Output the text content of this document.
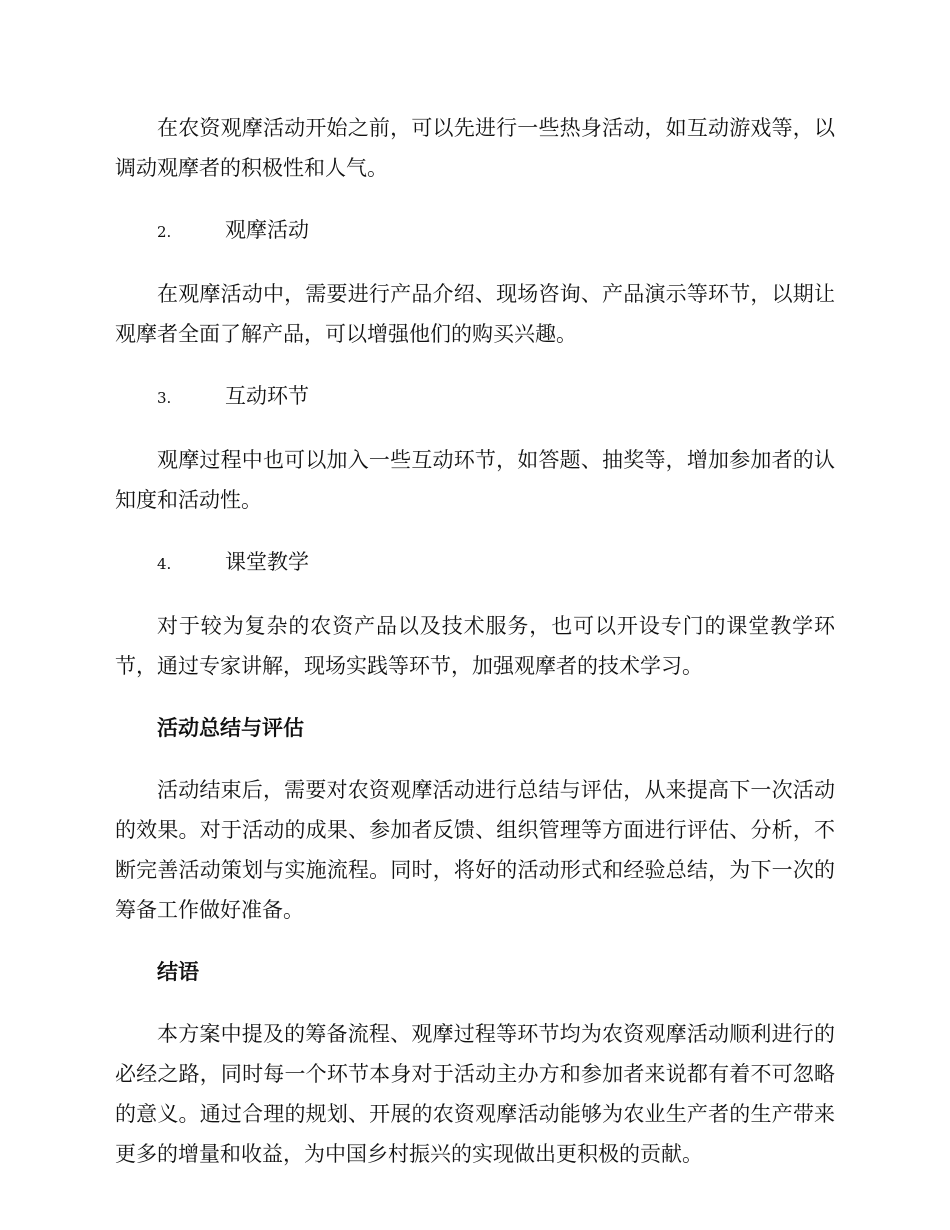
在农资观摩活动开始之前，可以先进行一些热身活动，如互动游戏等，以调动观摩者的积极性和人气。

2.	观摩活动

在观摩活动中，需要进行产品介绍、现场咨询、产品演示等环节，以期让观摩者全面了解产品，可以增强他们的购买兴趣。

3.	互动环节

观摩过程中也可以加入一些互动环节，如答题、抽奖等，增加参加者的认知度和活动性。

4.	课堂教学

对于较为复杂的农资产品以及技术服务，也可以开设专门的课堂教学环节，通过专家讲解，现场实践等环节，加强观摩者的技术学习。

活动总结与评估

活动结束后，需要对农资观摩活动进行总结与评估，从来提高下一次活动的效果。对于活动的成果、参加者反馈、组织管理等方面进行评估、分析，不断完善活动策划与实施流程。同时，将好的活动形式和经验总结，为下一次的筹备工作做好准备。

结语

本方案中提及的筹备流程、观摩过程等环节均为农资观摩活动顺利进行的必经之路，同时每一个环节本身对于活动主办方和参加者来说都有着不可忽略的意义。通过合理的规划、开展的农资观摩活动能够为农业生产者的生产带来更多的增量和收益，为中国乡村振兴的实现做出更积极的贡献。
